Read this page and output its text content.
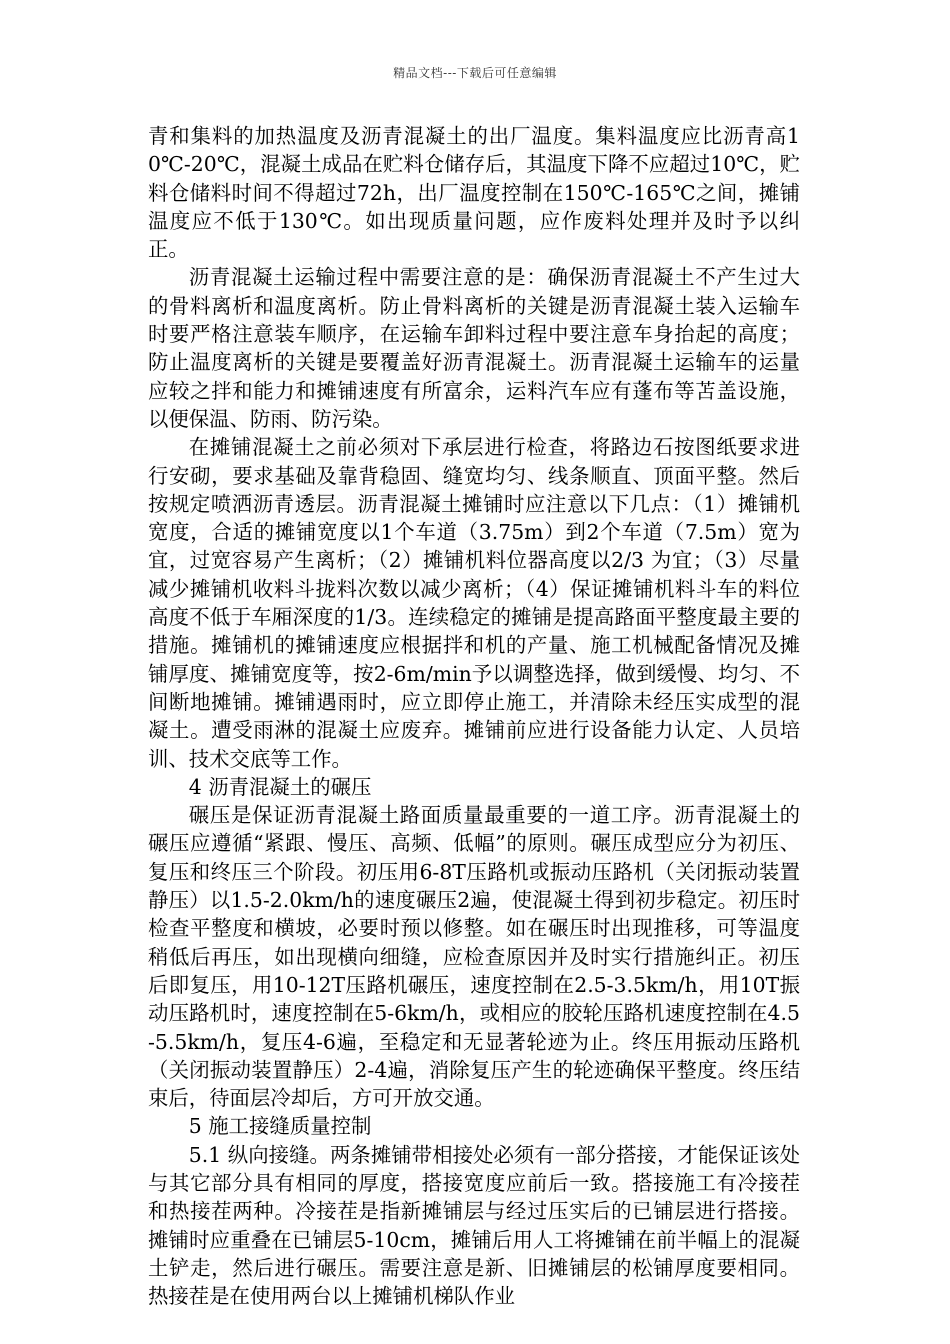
精品文档---下载后可任意编辑

青和集料的加热温度及沥青混凝土的出厂温度。集料温度应比沥青高10℃-20℃，混凝土成品在贮料仓储存后，其温度下降不应超过10℃，贮料仓储料时间不得超过72h，出厂温度控制在150℃-165℃之间，摊铺温度应不低于130℃。如出现质量问题，应作废料处理并及时予以纠正。

沥青混凝土运输过程中需要注意的是：确保沥青混凝土不产生过大的骨料离析和温度离析。防止骨料离析的关键是沥青混凝土装入运输车时要严格注意装车顺序，在运输车卸料过程中要注意车身抬起的高度；防止温度离析的关键是要覆盖好沥青混凝土。沥青混凝土运输车的运量应较之拌和能力和摊铺速度有所富余，运料汽车应有蓬布等苫盖设施，以便保温、防雨、防污染。

在摊铺混凝土之前必须对下承层进行检查，将路边石按图纸要求进行安砌，要求基础及靠背稳固、缝宽均匀、线条顺直、顶面平整。然后按规定喷洒沥青透层。沥青混凝土摊铺时应注意以下几点：（1）摊铺机宽度，合适的摊铺宽度以1个车道（3.75m）到2个车道（7.5m）宽为宜，过宽容易产生离析；（2）摊铺机料位器高度以2/3 为宜；（3）尽量减少摊铺机收料斗拢料次数以减少离析；（4）保证摊铺机料斗车的料位高度不低于车厢深度的1/3。连续稳定的摊铺是提高路面平整度最主要的措施。摊铺机的摊铺速度应根据拌和机的产量、施工机械配备情况及摊铺厚度、摊铺宽度等，按2-6m/min予以调整选择，做到缓慢、均匀、不间断地摊铺。摊铺遇雨时，应立即停止施工，并清除未经压实成型的混凝土。遭受雨淋的混凝土应废弃。摊铺前应进行设备能力认定、人员培训、技术交底等工作。

4 沥青混凝土的碾压

碾压是保证沥青混凝土路面质量最重要的一道工序。沥青混凝土的碾压应遵循“紧跟、慢压、高频、低幅”的原则。碾压成型应分为初压、复压和终压三个阶段。初压用6-8T压路机或振动压路机（关闭振动装置静压）以1.5-2.0km/h的速度碾压2遍，使混凝土得到初步稳定。初压时检查平整度和横坡，必要时预以修整。如在碾压时出现推移，可等温度稍低后再压，如出现横向细缝，应检查原因并及时实行措施纠正。初压后即复压，用10-12T压路机碾压，速度控制在2.5-3.5km/h，用10T振动压路机时，速度控制在5-6km/h，或相应的胶轮压路机速度控制在4.5-5.5km/h，复压4-6遍，至稳定和无显著轮迹为止。终压用振动压路机（关闭振动装置静压）2-4遍，消除复压产生的轮迹确保平整度。终压结束后，待面层冷却后，方可开放交通。

5 施工接缝质量控制

5.1 纵向接缝。两条摊铺带相接处必须有一部分搭接，才能保证该处与其它部分具有相同的厚度，搭接宽度应前后一致。搭接施工有冷接茬和热接茬两种。冷接茬是指新摊铺层与经过压实后的已铺层进行搭接。摊铺时应重叠在已铺层5-10cm，摊铺后用人工将摊铺在前半幅上的混凝土铲走，然后进行碾压。需要注意是新、旧摊铺层的松铺厚度要相同。热接茬是在使用两台以上摊铺机梯队作业
